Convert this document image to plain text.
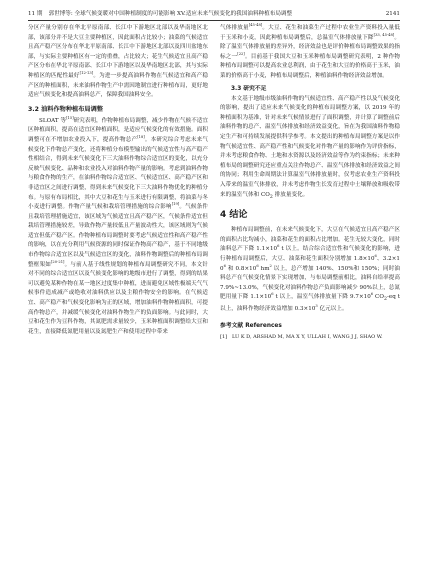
11 期 郭世博等: 全球气候变暖对中国种植制度的可能影响 XV.适应未来气候变化的我国油料种植布局调整	2141

分区产量分别存在华北平原南部、长江中下游地区北部以及华南地区北部，该部分并不是大豆主要种植区，因此面积占比较小；油菜的气候适宜且高产稳产区分布在华北平原南部、长江中下游地区北部以及四川盆地东部，与实际主要种植区有一定的重叠，占比较大；花生气候适宜且高产稳产区分布在华北平原南部、长江中下游地区以及华南地区北部，其与实际种植区的匹配性最好[12-13]。为进一步提高油料作物在气候适宜和高产稳产区的种植面积，未来油料作物生产中需因地制宜进行种植布局，更好地适应气候变化和提高油料总产，保障我国油料安全。

3.2 油料作物种植布局调整

SLOAT 等[15]研究表明，作物种植布局调整，减少作物在气候不适宜区种植面积，提高在适宜区种植面积，是适应气候变化的有效措施。面积调整可在不增加农业投入下，提高作物总产[18]。本研究综合考虑未来气候变化下作物总产变化，还将种植分布模型输出的气候适宜性与高产稳产性相结合，得到未来气候变化下三大油料作物综合适宜区的变化，以充分反映气候变化、品种和农业投入对油料作物产量的影响。考虑到油料作物与粮食作物的生产，在油料作物综合适宜区、气候适宜区、高产稳产区和非适宜区之间进行调整，得到未来气候变化下三大油料作物优化的种植分布。与原有布局相比，其中大豆和花生与玉米进行有限调整，将油菜与冬小麦进行调整。作物产量气候和栽培管理措施的综合影响[19]。气候条件且栽培管理措施适宜，该区域为气候适宜且高产稳产区，气候条件适宜但栽培管理措施较差，导致作物产量较低且产量波动性大，该区域则为气候适宜但低产稳产区。作物种植布局调整时要考虑气候适宜性和高产稳产性的影响，以在充分利用气候资源的同时保证作物高产稳产，基于不同地级市作物综合适宜区以及气候适宜区的变化，油料作物调整后的种植布局调整框架如[20-21]。与前人基于线性规划的种植布局调整研究不同，本文针对不同的综合适宜区以及气候变化影响的地级市进行了调整，得到的结果可以避免某种作物在某一地区过度集中种植，进而避免区域性极端天气气候事件造成减产或绝收对油料供应以及主粮作物安全的影响。在气候适宜、高产稳产和气候变化影响为正的区域，增加油料作物种植面积，可提高作物总产，并减缓气候变化对油料作物生产的负面影响。与此同时，大豆和花生作为豆科作物，其氮肥需求量较少，玉米种植面积调整给大豆和花生，直接降低氮肥用量以及氮肥生产和使用过程中带来

气体排放量[45-48]。大豆、花生和油菜生产过程中农业生产资料投入量低于玉米和小麦，因此种植布局调整后，总温室气体排放量下降[33, 45-48]。除了温室气体排放量的差异外，经济效益也是评价种植布局调整效果的指标之一[22]。目前基于我国大豆和玉米种植布局调整研究表明，2 种作物种植布局调整可以提高农业总利润，由于花生和大豆的价格高于玉米，油菜的价格高于小麦，种植布局调整后，种植油料作物经济效益增加。

3.3 研究不足

本文基于地级市级油料作物的气候适宜性、高产稳产性以及气候变化的影响，提出了适应未来气候变化的种植布局调整方案，以 2019 年的种植面积为基准，针对未来气候情景进行了面积调整，并计算了调整前后油料作物的总产、温室气体排放和经济效益变化，旨在为我国油料作物稳定生产和可持续发展提供科学参考。本文提出的种植布局调整方案是以作物气候适宜性、高产稳产性和气候变化对作物产量的影响作为评价指标，并未考虑粮食作物、土地和水资源以及经济效益等作为约束指标；未来种植布局的调整研究还应重点关注作物总产、温室气体排放和经济效益之间的协同；利用生命周期法计算温室气体排放量时，仅考虑农业生产资料投入带来的温室气体排放，并未考虑作物生长发育过程中土壤释放和吸收带来的温室气体和 $CO_2$ 排放量变化。

4 结论

种植布局调整前，在未来气候变化下，大豆在气候适宜且高产稳产区的面积占比均减小，油菜和花生的面积占比增加。花生无较大变化，同时油料总产下降 $1.1\times 10^6$ t 以上。结合综合适宜性和气候变化的影响，进行种植布局调整后，大豆、油菜和花生面积分别增加 $1.8\times 10^6$、$3.2\times 10^6$ 和 $0.8\times 10^6$ $hm^2$ 以上，总产增加 140%、150%和 150%；同时油料总产在气候变化情景下实现增加，与布局调整前相比，油料自给率提高 7.9%~13.0%，气候变化对油料作物总产负面影响减少 90%以上，总氮肥用量下降 $1.1\times 10^6$ t 以上，温室气体排放量下降 $9.7\times 10^6$ $CO_2-eq$ t以上，油料作物经济效益增加 $0.3\times 10^3$ 亿元以上。

参考文献 References
[1] LU K D, ARSHAD M, MA X Y, ULLAH I, WANG J J, SHAO W.
